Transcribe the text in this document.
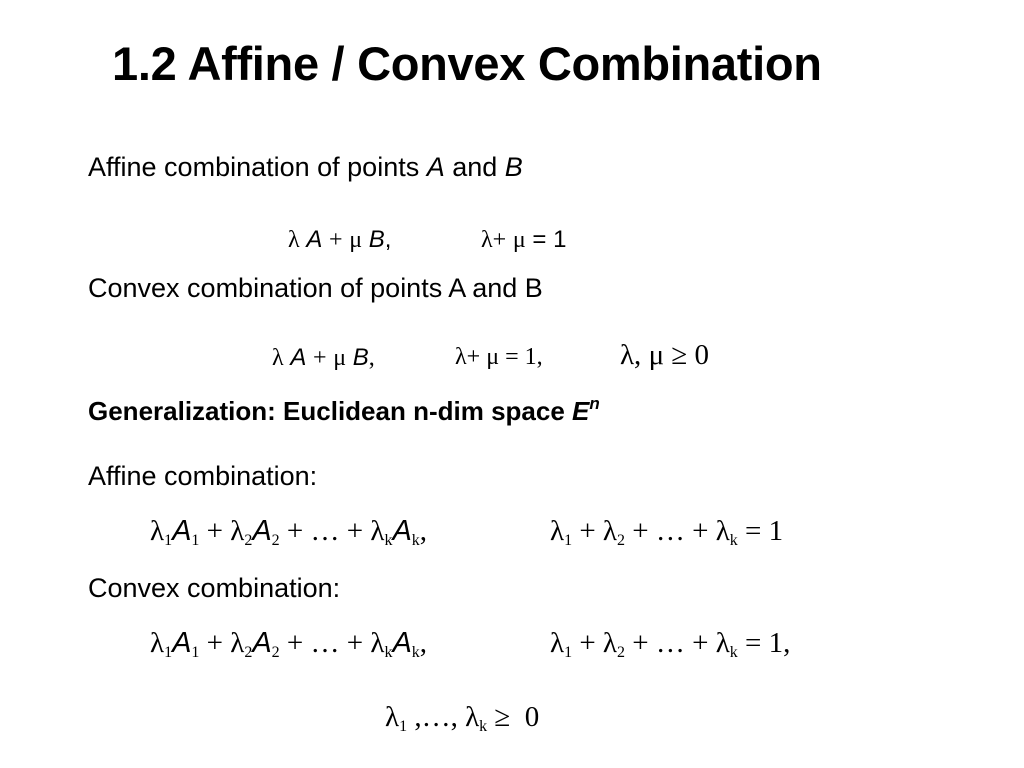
1.2 Affine / Convex Combination
Affine combination of points A and B
λ A + μ B,	λ+ μ = 1
Convex combination of points A and B
λ A + μ B,	λ+ μ = 1,	λ, μ ≥ 0
Generalization: Euclidean n-dim space $E^n$
Affine combination:
λ1A1 + λ2A2 + … + λkAk,	λ1 + λ2 + … + λk = 1
Convex combination:
λ1A1 + λ2A2 + … + λkAk,	λ1 + λ2 + … + λk = 1,
λ1 ,…, λk ≥  0
